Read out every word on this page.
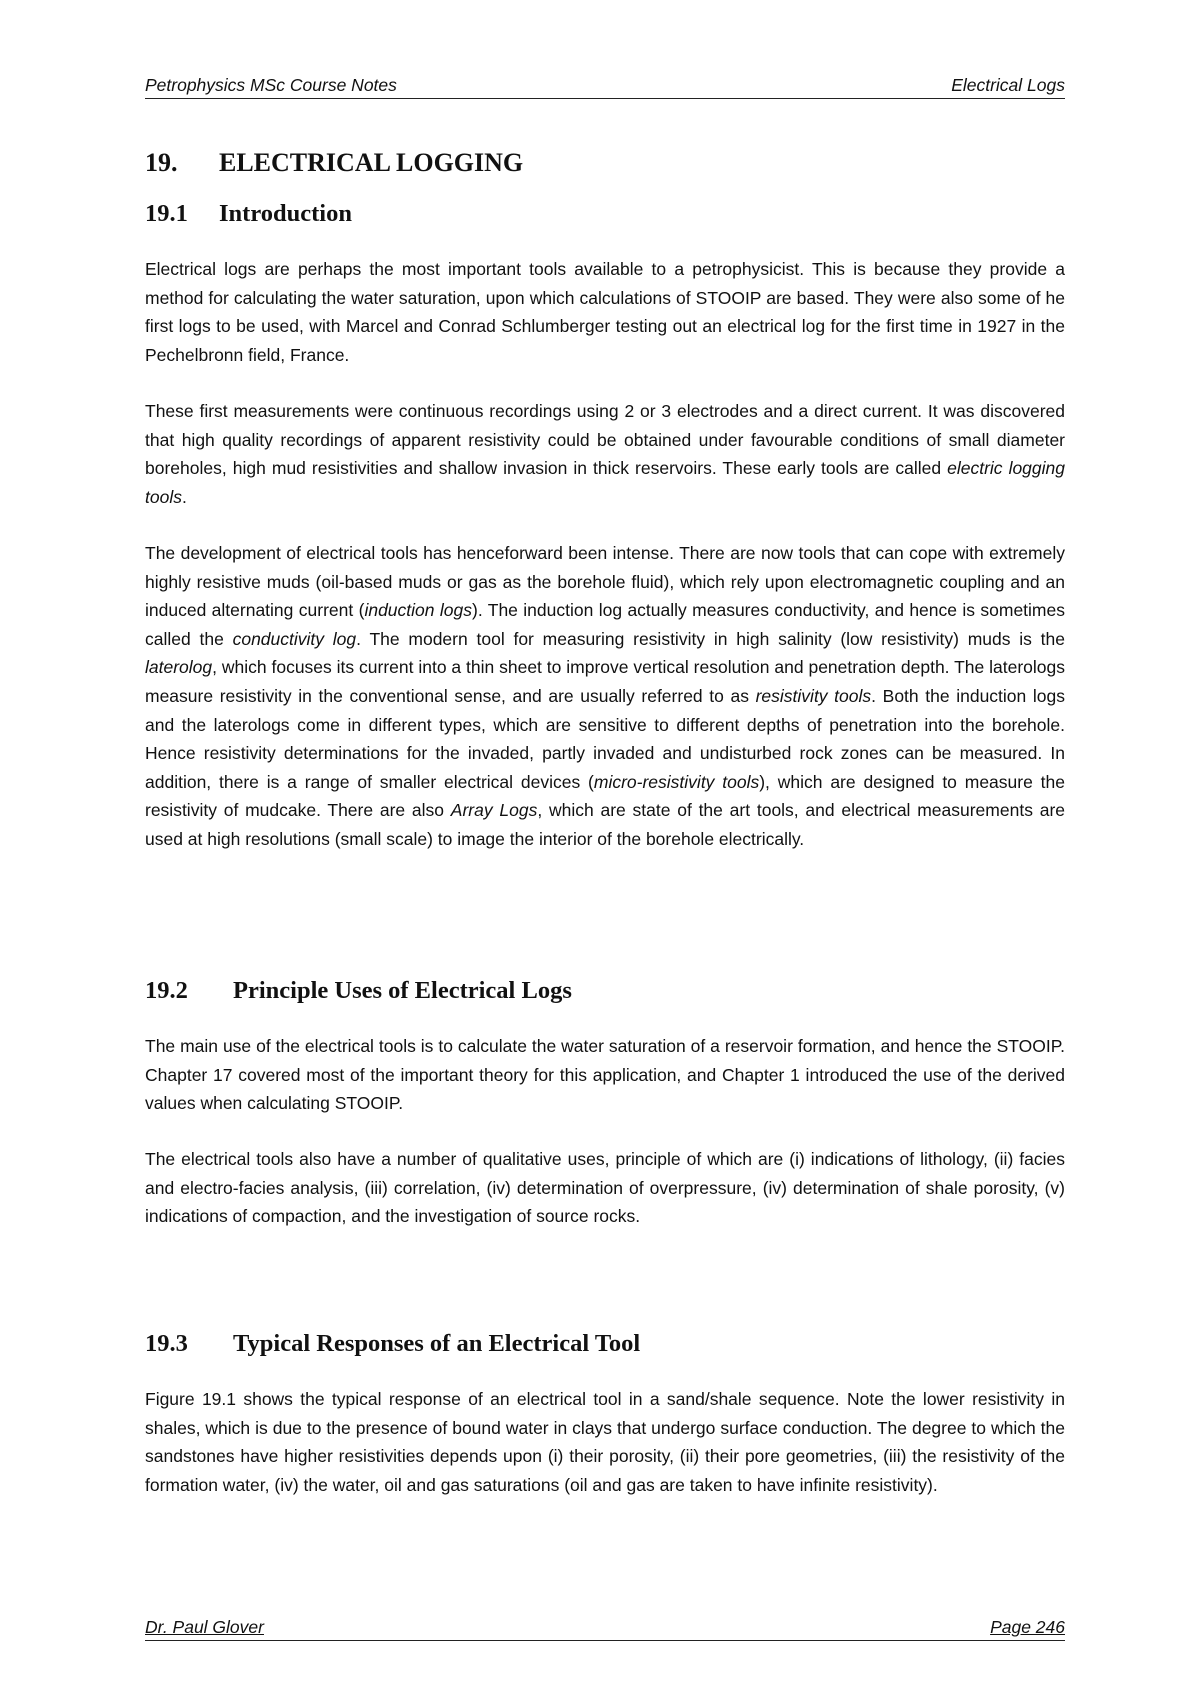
Petrophysics MSc Course Notes	Electrical Logs
19. ELECTRICAL LOGGING
19.1 Introduction

Electrical logs are perhaps the most important tools available to a petrophysicist. This is because they provide a method for calculating the water saturation, upon which calculations of STOOIP are based. They were also some of he first logs to be used, with Marcel and Conrad Schlumberger testing out an electrical log for the first time in 1927 in the Pechelbronn field, France.

These first measurements were continuous recordings using 2 or 3 electrodes and a direct current. It was discovered that high quality recordings of apparent resistivity could be obtained under favourable conditions of small diameter boreholes, high mud resistivities and shallow invasion in thick reservoirs. These early tools are called electric logging tools.

The development of electrical tools has henceforward been intense. There are now tools that can cope with extremely highly resistive muds (oil-based muds or gas as the borehole fluid), which rely upon electromagnetic coupling and an induced alternating current (induction logs). The induction log actually measures conductivity, and hence is sometimes called the conductivity log. The modern tool for measuring resistivity in high salinity (low resistivity) muds is the laterolog, which focuses its current into a thin sheet to improve vertical resolution and penetration depth. The laterologs measure resistivity in the conventional sense, and are usually referred to as resistivity tools. Both the induction logs and the laterologs come in different types, which are sensitive to different depths of penetration into the borehole. Hence resistivity determinations for the invaded, partly invaded and undisturbed rock zones can be measured. In addition, there is a range of smaller electrical devices (micro-resistivity tools), which are designed to measure the resistivity of mudcake. There are also Array Logs, which are state of the art tools, and electrical measurements are used at high resolutions (small scale) to image the interior of the borehole electrically.

19.2 Principle Uses of Electrical Logs

The main use of the electrical tools is to calculate the water saturation of a reservoir formation, and hence the STOOIP. Chapter 17 covered most of the important theory for this application, and Chapter 1 introduced the use of the derived values when calculating STOOIP.

The electrical tools also have a number of qualitative uses, principle of which are (i) indications of lithology, (ii) facies and electro-facies analysis, (iii) correlation, (iv) determination of overpressure, (iv) determination of shale porosity, (v) indications of compaction, and the investigation of source rocks.

19.3 Typical Responses of an Electrical Tool

Figure 19.1 shows the typical response of an electrical tool in a sand/shale sequence. Note the lower resistivity in shales, which is due to the presence of bound water in clays that undergo surface conduction. The degree to which the sandstones have higher resistivities depends upon (i) their porosity, (ii) their pore geometries, (iii) the resistivity of the formation water, (iv) the water, oil and gas saturations (oil and gas are taken to have infinite resistivity).

Dr. Paul Glover	Page 246
